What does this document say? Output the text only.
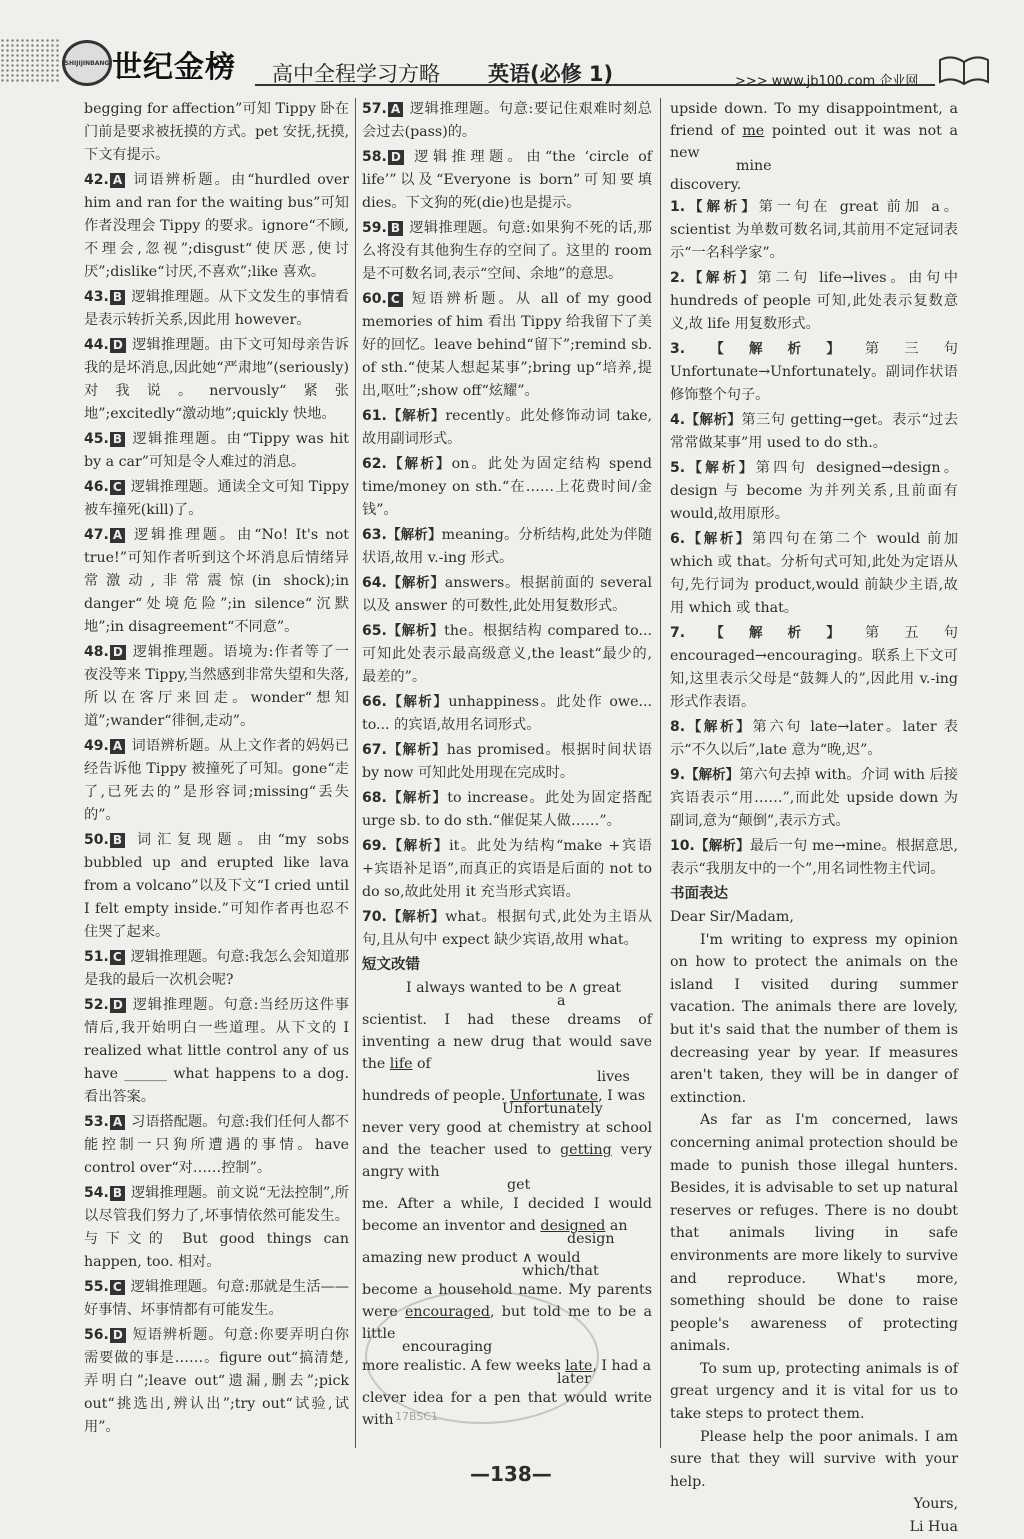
SHIJIJINBANG 世纪金榜 高中全程学习方略 英语(必修 1)	>>> www.jb100.com 企业网
begging for affection”可知 Tippy 卧在门前是要求被抚摸的方式。pet 安抚,抚摸,下文有提示。
42. A 词语辨析题。由“hurdled over him and ran for the waiting bus”可知作者没理会 Tippy 的要求。ignore“不顾,不理会,忽视”;disgust“使厌恶,使讨厌”;dislike“讨厌,不喜欢”;like 喜欢。
43. B 逻辑推理题。从下文发生的事情看是表示转折关系,因此用 however。
44. D 逻辑推理题。由下文可知母亲告诉我的是坏消息,因此她“严肃地”(seriously)对我说。nervously“紧张地”;excitedly“激动地”;quickly 快地。
45. B 逻辑推理题。由“Tippy was hit by a car”可知是令人难过的消息。
46. C 逻辑推理题。通读全文可知 Tippy 被车撞死(kill)了。
47. A 逻辑推理题。由“No! It's not true!”可知作者听到这个坏消息后情绪异常激动,非常震惊(in shock);in danger“处境危险”;in silence“沉默地”;in disagreement“不同意”。
48. D 逻辑推理题。语境为:作者等了一夜没等来 Tippy,当然感到非常失望和失落,所以在客厅来回走。wonder“想知道”;wander“徘徊,走动”。
49. A 词语辨析题。从上文作者的妈妈已经告诉他 Tippy 被撞死了可知。gone“走了,已死去的”是形容词;missing“丢失的”。
50. B 词汇复现题。由“my sobs bubbled up and erupted like lava from a volcano”以及下文“I cried until I felt empty inside.”可知作者再也忍不住哭了起来。
51. C 逻辑推理题。句意:我怎么会知道那是我的最后一次机会呢?
52. D 逻辑推理题。句意:当经历这件事情后,我开始明白一些道理。从下文的 I realized what little control any of us have ______ what happens to a dog. 看出答案。
53. A 习语搭配题。句意:我们任何人都不能控制一只狗所遭遇的事情。have control over“对……控制”。
54. B 逻辑推理题。前文说“无法控制”,所以尽管我们努力了,坏事情依然可能发生。与下文的 But good things can happen, too. 相对。
55. C 逻辑推理题。句意:那就是生活——好事情、坏事情都有可能发生。
56. D 短语辨析题。句意:你要弄明白你需要做的事是……。figure out“搞清楚,弄明白”;leave out“遗漏,删去”;pick out“挑选出,辨认出”;try out“试验,试用”。
57. A 逻辑推理题。句意:要记住艰难时刻总会过去(pass)的。
58. D 逻辑推理题。由“the ‘circle of life’”以及“Everyone is born”可知要填 dies。下文狗的死(die)也是提示。
59. B 逻辑推理题。句意:如果狗不死的话,那么将没有其他狗生存的空间了。这里的 room 是不可数名词,表示“空间、余地”的意思。
60. C 短语辨析题。从 all of my good memories of him 看出 Tippy 给我留下了美好的回忆。leave behind“留下”;remind sb. of sth.“使某人想起某事”;bring up“培养,提出,呕吐”;show off“炫耀”。
61.【解析】recently。此处修饰动词 take,故用副词形式。
62.【解析】on。此处为固定结构 spend time/money on sth.“在……上花费时间/金钱”。
63.【解析】meaning。分析结构,此处为伴随状语,故用 v.-ing 形式。
64.【解析】answers。根据前面的 several 以及 answer 的可数性,此处用复数形式。
65.【解析】the。根据结构 compared to... 可知此处表示最高级意义,the least“最少的,最差的”。
66.【解析】unhappiness。此处作 owe... to... 的宾语,故用名词形式。
67.【解析】has promised。根据时间状语 by now 可知此处用现在完成时。
68.【解析】to increase。此处为固定搭配 urge sb. to do sth.“催促某人做……”。
69.【解析】it。此处为结构“make +宾语+宾语补足语”,而真正的宾语是后面的 not to do so,故此处用 it 充当形式宾语。
70.【解析】what。根据句式,此处为主语从句,且从句中 expect 缺少宾语,故用 what。
短文改错

I always wanted to be ∧ great

a

scientist. I had these dreams of inventing a new drug that would save the life of

lives

hundreds of people. Unfortunate, I was

Unfortunately

never very good at chemistry at school and the teacher used to getting very angry with

get

me. After a while, I decided I would become an inventor and designed an

design

amazing new product ∧ would

which/that

become a household name. My parents were encouraged, but told me to be a little

encouraging

more realistic. A few weeks late, I had a

later

clever idea for a pen that would write with

upside down. To my disappointment, a friend of me pointed out it was not a new

mine

discovery.

1.【解析】第一句在 great 前加 a。scientist 为单数可数名词,其前用不定冠词表示“一名科学家”。
2.【解析】第二句 life→lives。由句中 hundreds of people 可知,此处表示复数意义,故 life 用复数形式。
3.【解析】第三句 Unfortunate→Unfortunately。副词作状语修饰整个句子。
4.【解析】第三句 getting→get。表示“过去常常做某事”用 used to do sth.。
5.【解析】第四句 designed→design。design 与 become 为并列关系,且前面有 would,故用原形。
6.【解析】第四句在第二个 would 前加 which 或 that。分析句式可知,此处为定语从句,先行词为 product,would 前缺少主语,故用 which 或 that。
7.【解析】第五句 encouraged→encouraging。联系上下文可知,这里表示父母是“鼓舞人的”,因此用 v.-ing 形式作表语。
8.【解析】第六句 late→later。later 表示“不久以后”,late 意为“晚,迟”。
9.【解析】第六句去掉 with。介词 with 后接宾语表示“用……”,而此处 upside down 为副词,意为“颠倒”,表示方式。
10.【解析】最后一句 me→mine。根据意思,表示“我朋友中的一个”,用名词性物主代词。
书面表达

Dear Sir/Madam,

I'm writing to express my opinion on how to protect the animals on the island I visited during summer vacation. The animals there are lovely, but it's said that the number of them is decreasing year by year. If measures aren't taken, they will be in danger of extinction.

As far as I'm concerned, laws concerning animal protection should be made to punish those illegal hunters. Besides, it is advisable to set up natural reserves or refuges. There is no doubt that animals living in safe environments are more likely to survive and reproduce. What's more, something should be done to raise people's awareness of protecting animals.

To sum up, protecting animals is of great urgency and it is vital for us to take steps to protect them.

Please help the poor animals. I am sure that they will survive with your help.

Yours,

Li Hua

17BSC1
—138—
